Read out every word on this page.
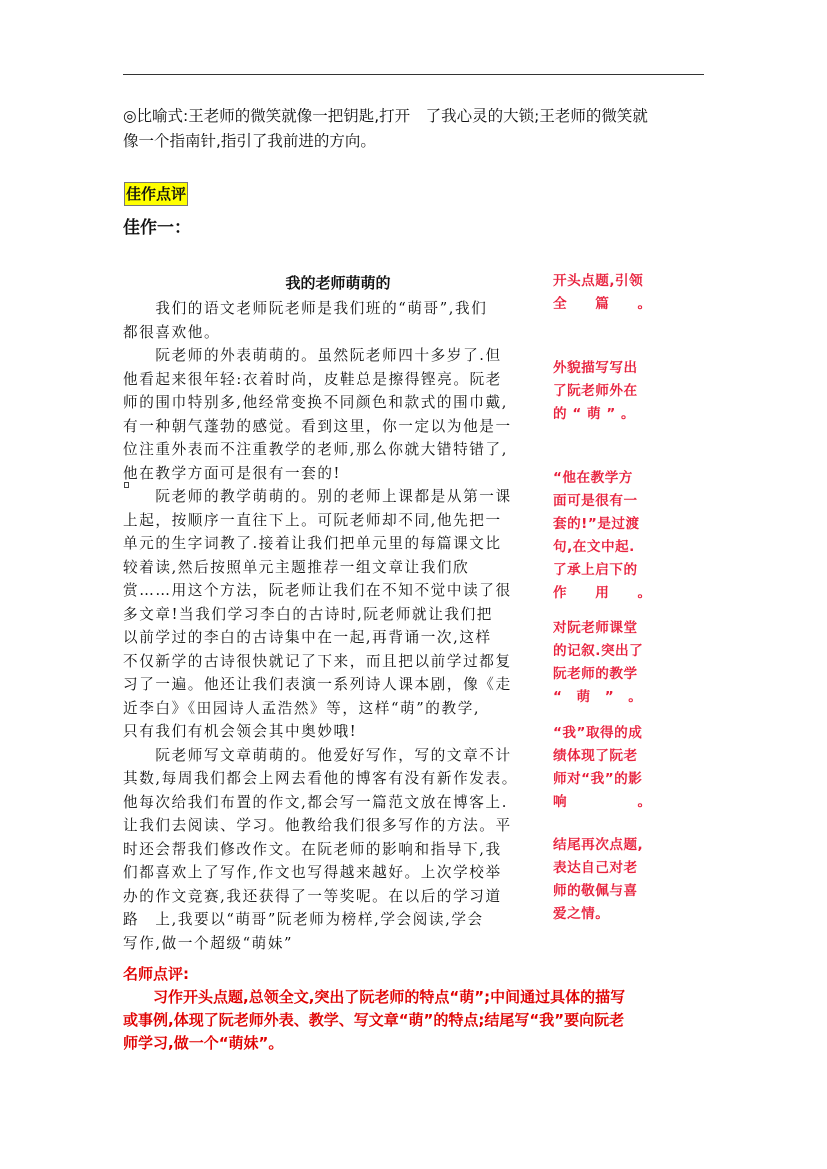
◎比喻式:王老师的微笑就像一把钥匙,打开　了我心灵的大锁;王老师的微笑就
像一个指南针,指引了我前进的方向。
佳作点评
佳作一：
我的老师萌萌的
　　我们的语文老师阮老师是我们班的“萌哥”,我们
都很喜欢他。
　　阮老师的外表萌萌的。虽然阮老师四十多岁了.但
他看起来很年轻:衣着时尚，皮鞋总是擦得铿亮。阮老
师的围巾特别多,他经常变换不同颜色和款式的围巾戴,
有一种朝气蓬勃的感觉。看到这里，你一定以为他是一
位注重外表而不注重教学的老师,那么你就大错特错了,
他在教学方面可是很有一套的!
　　阮老师的教学萌萌的。别的老师上课都是从第一课
上起，按顺序一直往下上。可阮老师却不同,他先把一
单元的生字词教了.接着让我们把单元里的每篇课文比
较着读,然后按照单元主题推荐一组文章让我们欣
赏……用这个方法，阮老师让我们在不知不觉中读了很
多文章!当我们学习李白的古诗时,阮老师就让我们把
以前学过的李白的古诗集中在一起,再背诵一次,这样
不仅新学的古诗很快就记了下来，而且把以前学过都复
习了一遍。他还让我们表演一系列诗人课本剧，像《走
近李白》《田园诗人孟浩然》等，这样“萌”的教学,
只有我们有机会领会其中奥妙哦!
　　阮老师写文章萌萌的。他爱好写作，写的文章不计
其数,每周我们都会上网去看他的博客有没有新作发表。
他每次给我们布置的作文,都会写一篇范文放在博客上.
让我们去阅读、学习。他教给我们很多写作的方法。平
时还会帮我们修改作文。在阮老师的影响和指导下,我
们都喜欢上了写作,作文也写得越来越好。上次学校举
办的作文竞赛,我还获得了一等奖呢。在以后的学习道
路　上,我要以“萌哥”阮老师为榜样,学会阅读,学会
写作,做一个超级“萌妹”
开头点题,引领
全　　篇　　。
外貌描写写出
了阮老师外在
的 “ 萌 ” 。
“他在教学方
面可是很有一
套的!”是过渡
句,在文中起.
了承上启下的
作　　用　　。
对阮老师课堂
的记叙.突出了
阮老师的教学
“　萌　”　。
“我”取得的成
绩体现了阮老
师对“我”的影
响　　　　　。
结尾再次点题,
表达自己对老
师的敬佩与喜
爱之情。
名师点评:
　　习作开头点题,总领全文,突出了阮老师的特点“萌”;中间通过具体的描写
或事例,体现了阮老师外表、教学、写文章“萌”的特点;结尾写“我”要向阮老
师学习,做一个“萌妹”。
